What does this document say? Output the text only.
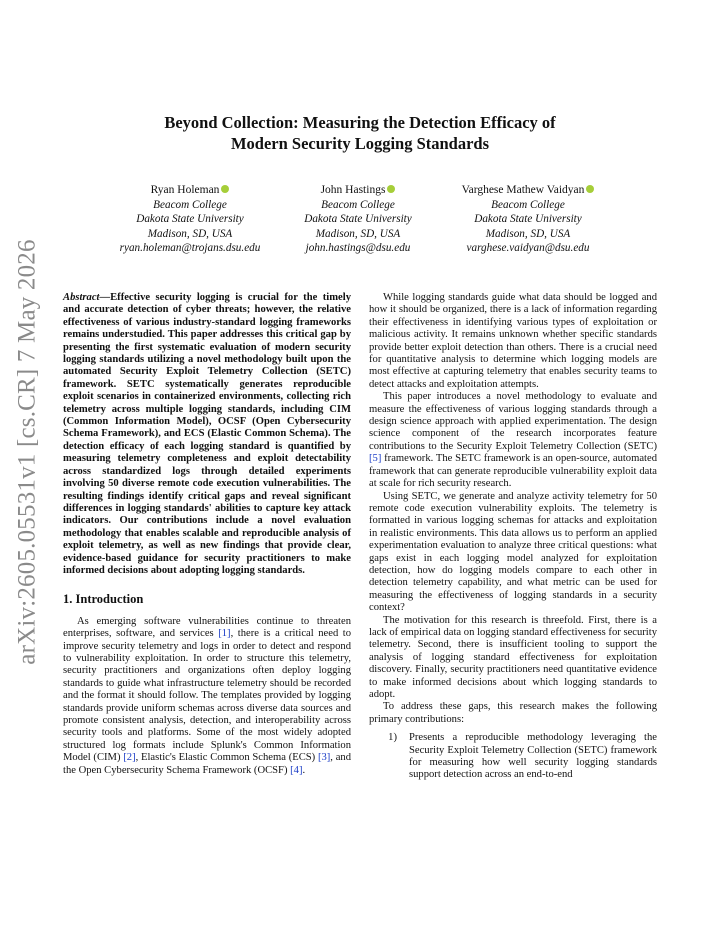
arXiv:2605.05531v1 [cs.CR] 7 May 2026
Beyond Collection: Measuring the Detection Efficacy of
Modern Security Logging Standards
Ryan Holeman
Beacom College
Dakota State University
Madison, SD, USA
ryan.holeman@trojans.dsu.edu
John Hastings
Beacom College
Dakota State University
Madison, SD, USA
john.hastings@dsu.edu
Varghese Mathew Vaidyan
Beacom College
Dakota State University
Madison, SD, USA
varghese.vaidyan@dsu.edu

Abstract—Effective security logging is crucial for the timely and accurate detection of cyber threats; however, the relative effectiveness of various industry-standard logging frameworks remains understudied. This paper addresses this critical gap by presenting the first systematic evaluation of modern security logging standards utilizing a novel methodology built upon the automated Security Exploit Telemetry Collection (SETC) framework. SETC systematically generates reproducible exploit scenarios in containerized environments, collecting rich telemetry across multiple logging standards, including CIM (Common Information Model), OCSF (Open Cybersecurity Schema Framework), and ECS (Elastic Common Schema). The detection efficacy of each logging standard is quantified by measuring telemetry completeness and exploit detectability across standardized logs through detailed experiments involving 50 diverse remote code execution vulnerabilities. The resulting findings identify critical gaps and reveal significant differences in logging standards' abilities to capture key attack indicators. Our contributions include a novel evaluation methodology that enables scalable and reproducible analysis of exploit telemetry, as well as new findings that provide clear, evidence-based guidance for security practitioners to make informed decisions about adopting logging standards.

1. Introduction

As emerging software vulnerabilities continue to threaten enterprises, software, and services [1], there is a critical need to improve security telemetry and logs in order to detect and respond to vulnerability exploitation. In order to structure this telemetry, security practitioners and organizations often deploy logging standards to guide what infrastructure telemetry should be recorded and the format it should follow. The templates provided by logging standards provide uniform schemas across diverse data sources and promote consistent analysis, detection, and interoperability across security tools and platforms. Some of the most widely adopted structured log formats include Splunk's Common Information Model (CIM) [2], Elastic's Elastic Common Schema (ECS) [3], and the Open Cybersecurity Schema Framework (OCSF) [4].

While logging standards guide what data should be logged and how it should be organized, there is a lack of information regarding their effectiveness in identifying various types of exploitation or malicious activity. It remains unknown whether specific standards provide better exploit detection than others. There is a crucial need for quantitative analysis to determine which logging models are most effective at capturing telemetry that enables security teams to detect attacks and exploitation attempts.

This paper introduces a novel methodology to evaluate and measure the effectiveness of various logging standards through a design science approach with applied experimentation. The design science component of the research incorporates feature contributions to the Security Exploit Telemetry Collection (SETC) [5] framework. The SETC framework is an open-source, automated framework that can generate reproducible vulnerability exploit data at scale for rich security research.

Using SETC, we generate and analyze activity telemetry for 50 remote code execution vulnerability exploits. The telemetry is formatted in various logging schemas for attacks and exploitation in realistic environments. This data allows us to perform an applied experimentation evaluation to analyze three critical questions: what gaps exist in each logging model analyzed for exploitation detection, how do logging models compare to each other in detection telemetry capability, and what metric can be used for measuring the effectiveness of logging standards in a security context?

The motivation for this research is threefold. First, there is a lack of empirical data on logging standard effectiveness for security telemetry. Second, there is insufficient tooling to support the analysis of logging standard effectiveness for exploitation discovery. Finally, security practitioners need quantitative evidence to make informed decisions about which logging standards to adopt.

To address these gaps, this research makes the following primary contributions:

1)	Presents a reproducible methodology leveraging the Security Exploit Telemetry Collection (SETC) framework for measuring how well security logging standards support detection across an end-to-end
